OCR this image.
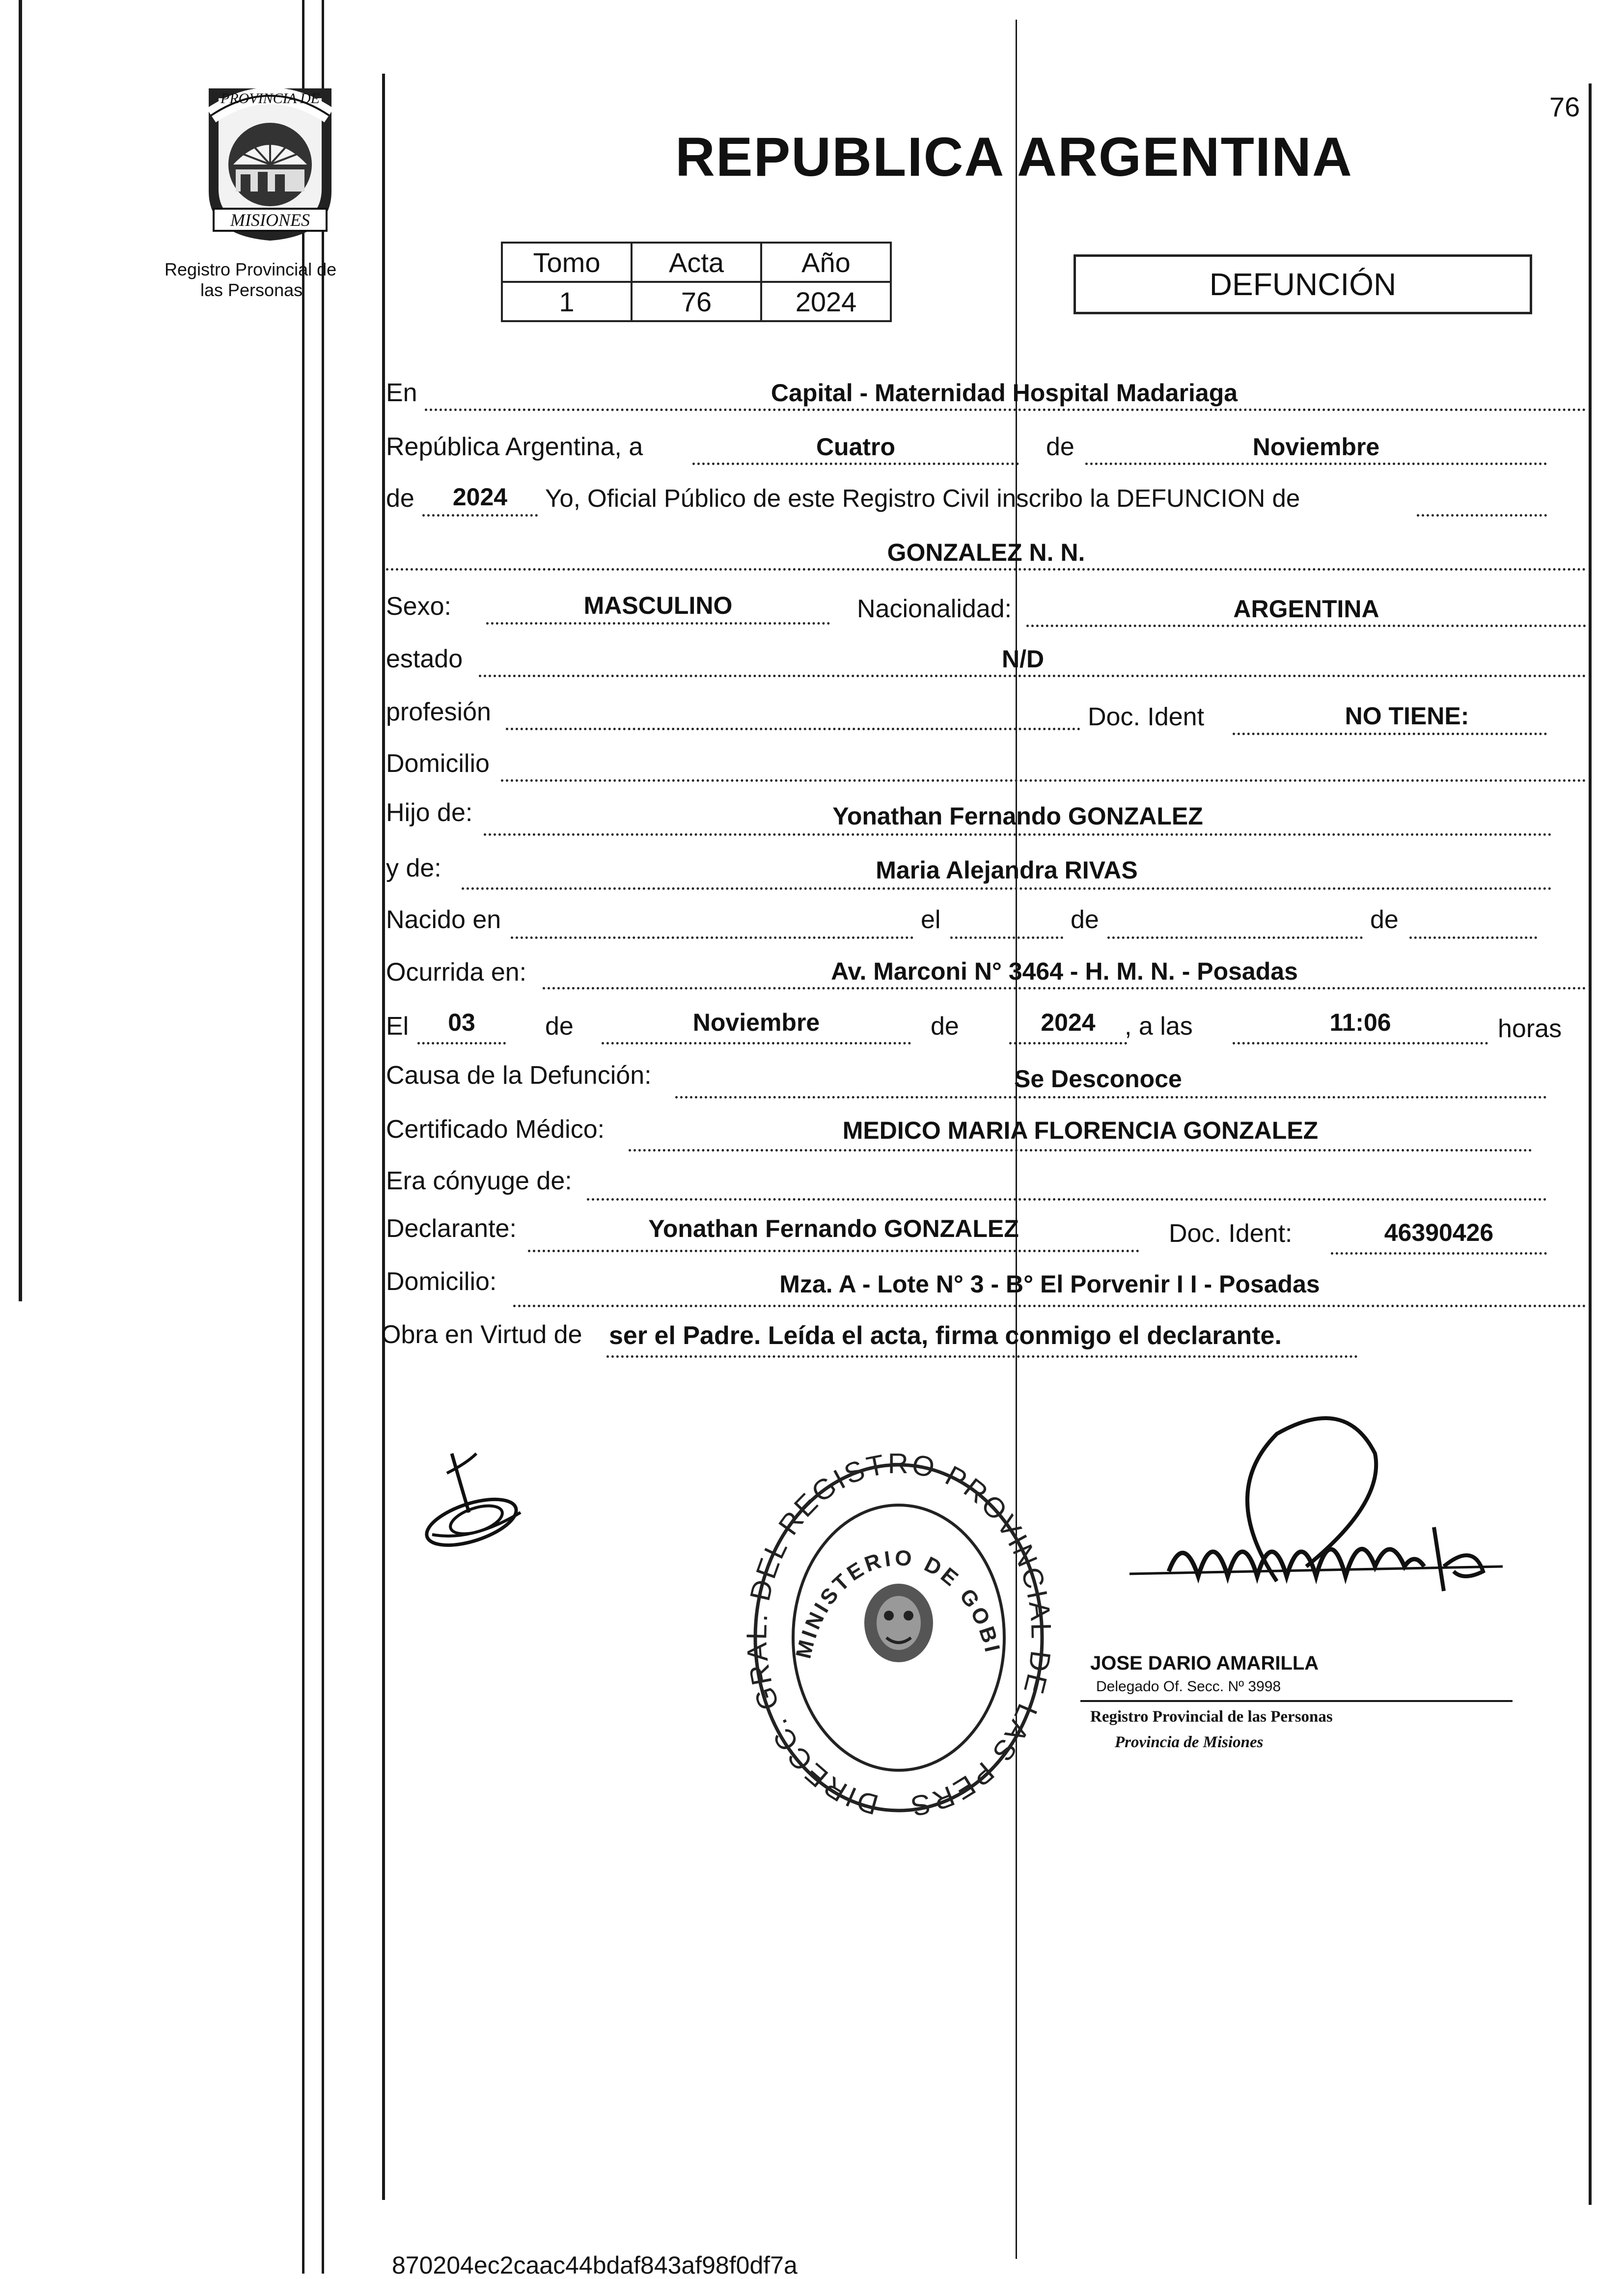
76
PROVINCIA DE
MISIONES
Registro Provincial de
las Personas
REPUBLICA ARGENTINA
Tomo	Acta	Año
1	76	2024	DEFUNCIÓN
En	Capital - Maternidad Hospital Madariaga
República Argentina, a	Cuatro	de	Noviembre
de	2024	Yo, Oficial Público de este Registro Civil inscribo la DEFUNCION de
GONZALEZ N. N.
Sexo:	MASCULINO	Nacionalidad:	ARGENTINA
estado	N/D
profesión	Doc. Ident	NO TIENE:
Domicilio
Hijo de:	Yonathan Fernando GONZALEZ
y de:	Maria Alejandra RIVAS
Nacido en	el	de	de
Ocurrida en:	Av. Marconi N° 3464 - H. M. N. - Posadas
El	03	de	Noviembre	de	2024	, a las	11:06	horas
Causa de la Defunción:	Se Desconoce
Certificado Médico:	MEDICO MARIA FLORENCIA GONZALEZ
Era cónyuge de:
Declarante:	Yonathan Fernando GONZALEZ	Doc. Ident:	46390426
Domicilio:	Mza. A - Lote N° 3 - B° El Porvenir I I - Posadas
Obra en Virtud de ser el Padre. Leída el acta, firma conmigo el declarante.
DIRECC. G DEL REGISTRO PROVINCI E LAS PERS
MINISTERIO DE GOBI
JOSE DARIO AMARILLA
Delegado Of. Secc. Nº 3998
Registro Provincial de las Personas
Provincia de Misiones
870204ec2caac44bdaf843af98f0df7a
